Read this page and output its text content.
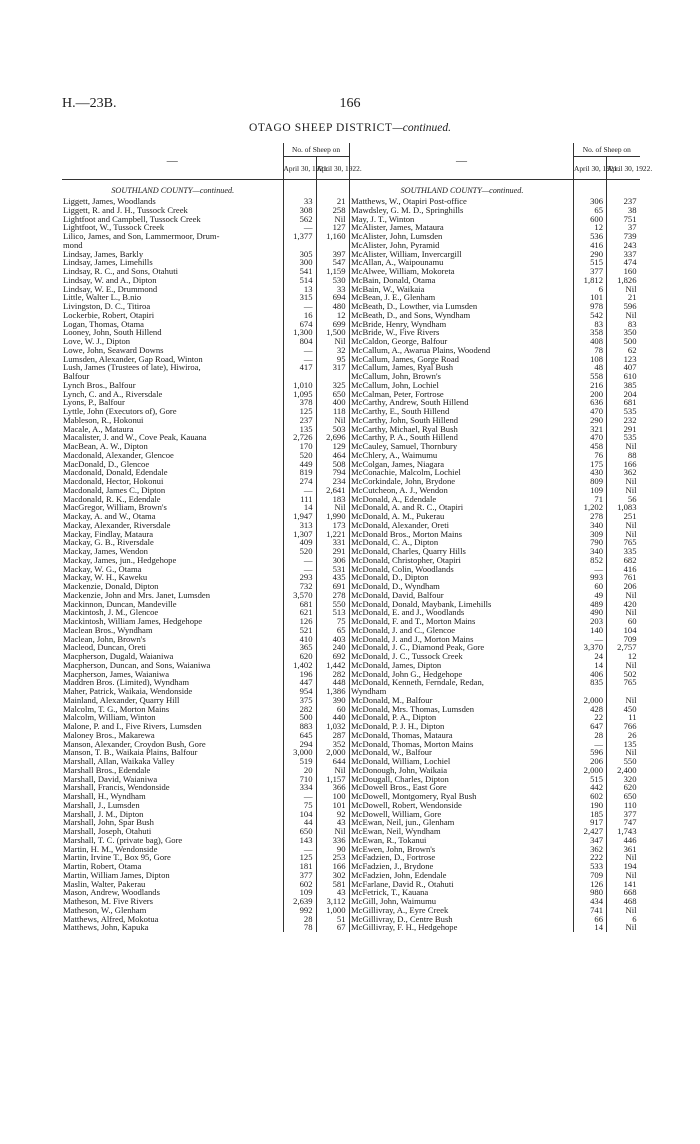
H.—23B.	166
OTAGO SHEEP DISTRICT—continued.
—	No. of Sheep on	
	April 30, 1921.	April 30, 1922.

SOUTHLAND COUNTY—continued.		
Liggett, James, Woodlands	33	21
Liggett, R. and J. H., Tussock Creek	308	258
Lightfoot and Campbell, Tussock Creek	562	Nil
Lightfoot, W., Tussock Creek	—	127
Lilico, James, and Son, Lammermoor, Drum-	1,377	1,160
mond		
Lindsay, James, Barkly	305	397
Lindsay, James, Limehills	300	547
Lindsay, R. C., and Sons, Otahuti	541	1,159
Lindsay, W. and A., Dipton	514	530
Lindsay, W. E., Drummond	13	33
Little, Walter L., B.nio	315	694
Livingston, D. C., Titiroa	—	480
Lockerbie, Robert, Otapiri	16	12
Logan, Thomas, Otama	674	699
Looney, John, South Hillend	1,300	1,500
Love, W. J., Dipton	804	Nil
Lowe, John, Seaward Downs	—	32
Lumsden, Alexander, Gap Road, Winton	—	95
Lush, James (Trustees of late), Hiwiroa,	417	317
Balfour		
Lynch Bros., Balfour	1,010	325
Lynch, C. and A., Riversdale	1,095	650
Lyons, P., Balfour	378	400
Lyttle, John (Executors of), Gore	125	118
Mableson, R., Hokonui	237	Nil
Macale, A., Mataura	135	503
Macalister, J. and W., Cove Peak, Kauana	2,726	2,696
MacBean, A. W., Dipton	170	129
Macdonald, Alexander, Glencoe	520	464
MacDonald, D., Glencoe	449	508
Macdonald, Donald, Edendale	819	794
Macdonald, Hector, Hokonui	274	234
Macdonald, James C., Dipton	—	2,641
Macdonald, R. K., Edendale	111	183
MacGregor, William, Brown's	14	Nil
Mackay, A. and W., Otama	1,947	1,990
Mackay, Alexander, Riversdale	313	173
Mackay, Findlay, Mataura	1,307	1,221
Mackay, G. B., Riversdale	409	331
Mackay, James, Wendon	520	291
Mackay, James, jun., Hedgehope	—	306
Mackay, W. G., Otama	—	531
Mackay, W. H., Kaweku	293	435
Mackenzie, Donald, Dipton	732	691
Mackenzie, John and Mrs. Janet, Lumsden	3,570	278
Mackinnon, Duncan, Mandeville	681	550
Mackintosh, J. M., Glencoe	621	513
Mackintosh, William James, Hedgehope	126	75
Maclean Bros., Wyndham	521	65
Maclean, John, Brown's	410	403
Macleod, Duncan, Oreti	365	240
Macpherson, Dugald, Waianiwa	620	692
Macpherson, Duncan, and Sons, Waianiwa	1,402	1,442
Macpherson, James, Waianiwa	196	282
Maddren Bros. (Limited), Wyndham	447	448
Maher, Patrick, Waikaia, Wendonside	954	1,386
Mainland, Alexander, Quarry Hill	375	390
Malcolm, T. G., Morton Mains	282	60
Malcolm, William, Winton	500	440
Malone, P. and I., Five Rivers, Lumsden	883	1,032
Maloney Bros., Makarewa	645	287
Manson, Alexander, Croydon Bush, Gore	294	352
Manson, T. B., Waikaia Plains, Balfour	3,000	2,000
Marshall, Allan, Waikaka Valley	519	644
Marshall Bros., Edendale	20	Nil
Marshall, David, Waianiwa	710	1,157
Marshall, Francis, Wendonside	334	366
Marshall, H., Wyndham	—	100
Marshall, J., Lumsden	75	101
Marshall, J. M., Dipton	104	92
Marshall, John, Spar Bush	44	43
Marshall, Joseph, Otahuti	650	Nil
Marshall, T. C. (private bag), Gore	143	336
Martin, H. M., Wendonside	—	90
Martin, Irvine T., Box 95, Gore	125	253
Martin, Robert, Otama	181	166
Martin, William James, Dipton	377	302
Maslin, Walter, Pakerau	602	581
Mason, Andrew, Woodlands	109	43
Matheson, M. Five Rivers	2,639	3,112
Matheson, W., Glenham	992	1,000
Matthews, Alfred, Mokotua	28	51
Matthews, John, Kapuka	78	67
—	No. of Sheep on	
	April 30, 1921.	April 30, 1922.

SOUTHLAND COUNTY—continued.		
Matthews, W., Otapiri Post-office	306	237
Mawdsley, G. M. D., Springhills	65	38
May, J. T., Winton	600	751
McAlister, James, Mataura	12	37
McAlister, John, Lumsden	536	739
McAlister, John, Pyramid	416	243
McAlister, William, Invercargill	290	337
McAllan, A., Waipounamu	515	474
McAlwee, William, Mokoreta	377	160
McBain, Donald, Otama	1,812	1,826
McBain, W., Waikaia	6	Nil
McBean, J. E., Glenham	101	21
McBeath, D., Lowther, via Lumsden	978	596
McBeath, D., and Sons, Wyndham	542	Nil
McBride, Henry, Wyndham	83	83
McBride, W., Five Rivers	358	350
McCaldon, George, Balfour	408	500
McCallum, A., Awarua Plains, Woodend	78	62
McCallum, James, Gorge Road	108	123
McCallum, James, Ryal Bush	48	407
McCallum, John, Brown's	558	610
McCallum, John, Lochiel	216	385
McCalman, Peter, Fortrose	200	204
McCarthy, Andrew, South Hillend	636	681
McCarthy, E., South Hillend	470	535
McCarthy, John, South Hillend	290	232
McCarthy, Michael, Ryal Bush	321	291
McCarthy, P. A., South Hillend	470	535
McCauley, Samuel, Thornbury	458	Nil
McChlery, A., Waimumu	76	88
McColgan, James, Niagara	175	166
McConachie, Malcolm, Lochiel	430	362
McCorkindale, John, Brydone	809	Nil
McCutcheon, A. J., Wendon	109	Nil
McDonald, A., Edendale	71	56
McDonald, A. and R. C., Otapiri	1,202	1,083
McDonald, A. M., Pukerau	278	251
McDonald, Alexander, Oreti	340	Nil
McDonald Bros., Morton Mains	309	Nil
McDonald, C. A., Dipton	790	765
McDonald, Charles, Quarry Hills	340	335
McDonald, Christopher, Otapiri	852	682
McDonald, Colin, Woodlands	—	416
McDonald, D., Dipton	993	761
McDonald, D., Wyndham	60	206
McDonald, David, Balfour	49	Nil
McDonald, Donald, Maybank, Limehills	489	420
McDonald, E. and J., Woodlands	490	Nil
McDonald, F. and T., Morton Mains	203	60
McDonald, J. and C., Glencoe	140	104
McDonald, J. and J., Morton Mains	—	709
McDonald, J. C., Diamond Peak, Gore	3,370	2,757
McDonald, J. C., Tussock Creek	24	12
McDonald, James, Dipton	14	Nil
McDonald, John G., Hedgehope	406	502
McDonald, Kenneth, Ferndale, Redan,	835	765
Wyndham		
McDonald, M., Balfour	2,000	Nil
McDonald, Mrs. Thomas, Lumsden	428	450
McDonald, P. A., Dipton	22	11
McDonald, P. J. H., Dipton	647	766
McDonald, Thomas, Mataura	28	26
McDonald, Thomas, Morton Mains	—	135
McDonald, W., Balfour	596	Nil
McDonald, William, Lochiel	206	550
McDonough, John, Waikaia	2,000	2,400
McDougall, Charles, Dipton	515	320
McDowell Bros., East Gore	442	620
McDowell, Montgomery, Ryal Bush	602	650
McDowell, Robert, Wendonside	190	110
McDowell, William, Gore	185	377
McEwan, Neil, jun., Glenham	917	747
McEwan, Neil, Wyndham	2,427	1,743
McEwan, R., Tokanui	347	446
McEwen, John, Brown's	362	361
McFadzien, D., Fortrose	222	Nil
McFadzien, J., Brydone	533	194
McFadzien, John, Edendale	709	Nil
McFarlane, David R., Otahuti	126	141
McFetrick, T., Kauana	980	668
McGill, John, Waimumu	434	468
McGillivray, A., Eyre Creek	741	Nil
McGillivray, D., Centre Bush	66	6
McGillivray, F. H., Hedgehope	14	Nil
